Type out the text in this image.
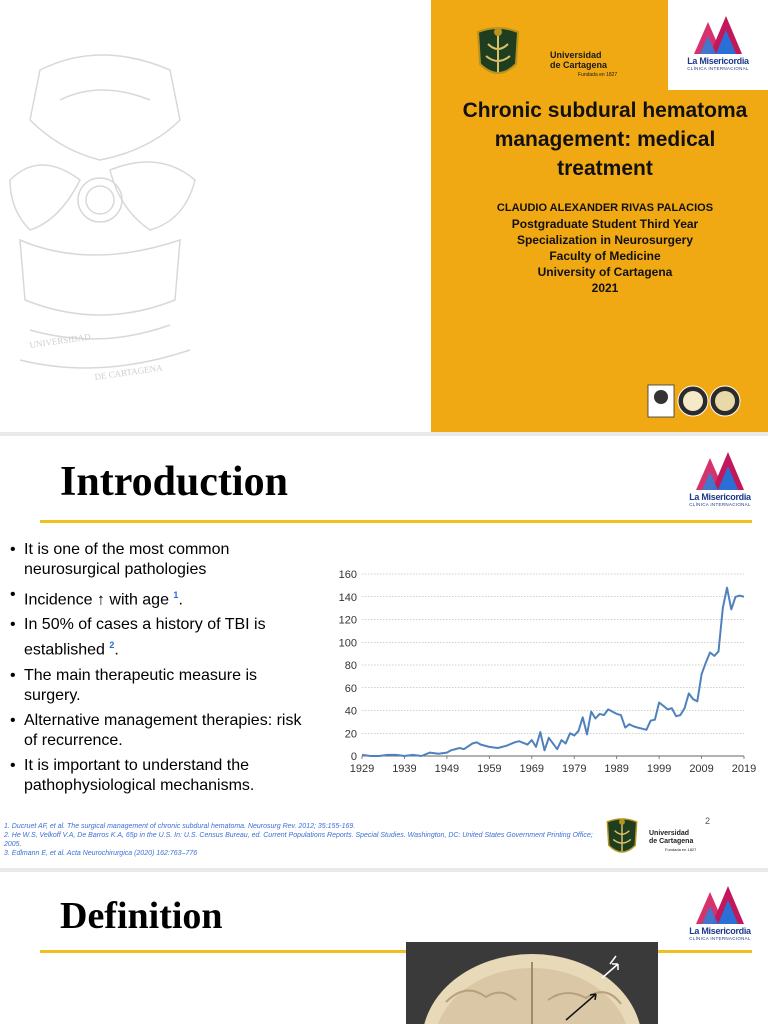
UNIVERSIDAD
DE CARTAGENA
Universidad
de Cartagena
Fundada en 1827
La Misericordia
CLÍNICA INTERNACIONAL
Chronic subdural hematoma
management: medical
treatment
CLAUDIO ALEXANDER RIVAS PALACIOS
Postgraduate Student Third Year
Specialization in Neurosurgery
Faculty of Medicine
University of Cartagena
2021
Introduction	La Misericordia
CLÍNICA INTERNACIONAL
• It is one of the most common neurosurgical pathologies
• Incidence ↑ with age $^1$.
• In 50% of cases a history of TBI is established $^2$.
• The main therapeutic measure is surgery.
• Alternative management therapies: risk of recurrence.
• It is important to understand the pathophysiological mechanisms.
0
20
40
60
80
100
120
140
160
1929 1939 1949 1959 1969 1979 1989 1999 2009 2019
1. Ducruet AF, et al. The surgical management of chronic subdural hematoma. Neurosurg Rev. 2012; 35:155-169.
2. He W.S, Velkoff V.A, De Barros K.A, 65p in the U.S. In: U.S. Census Bureau, ed. Current Populations Reports. Special Studies. Washington, DC: United States Government Printing Office; 2005.
3. Edlmann E, et al. Acta Neurochirurgica (2020) 162:763–776
Universidad
de Cartagena
Fundada en 1827
2
Definition	La Misericordia
CLÍNICA INTERNACIONAL
